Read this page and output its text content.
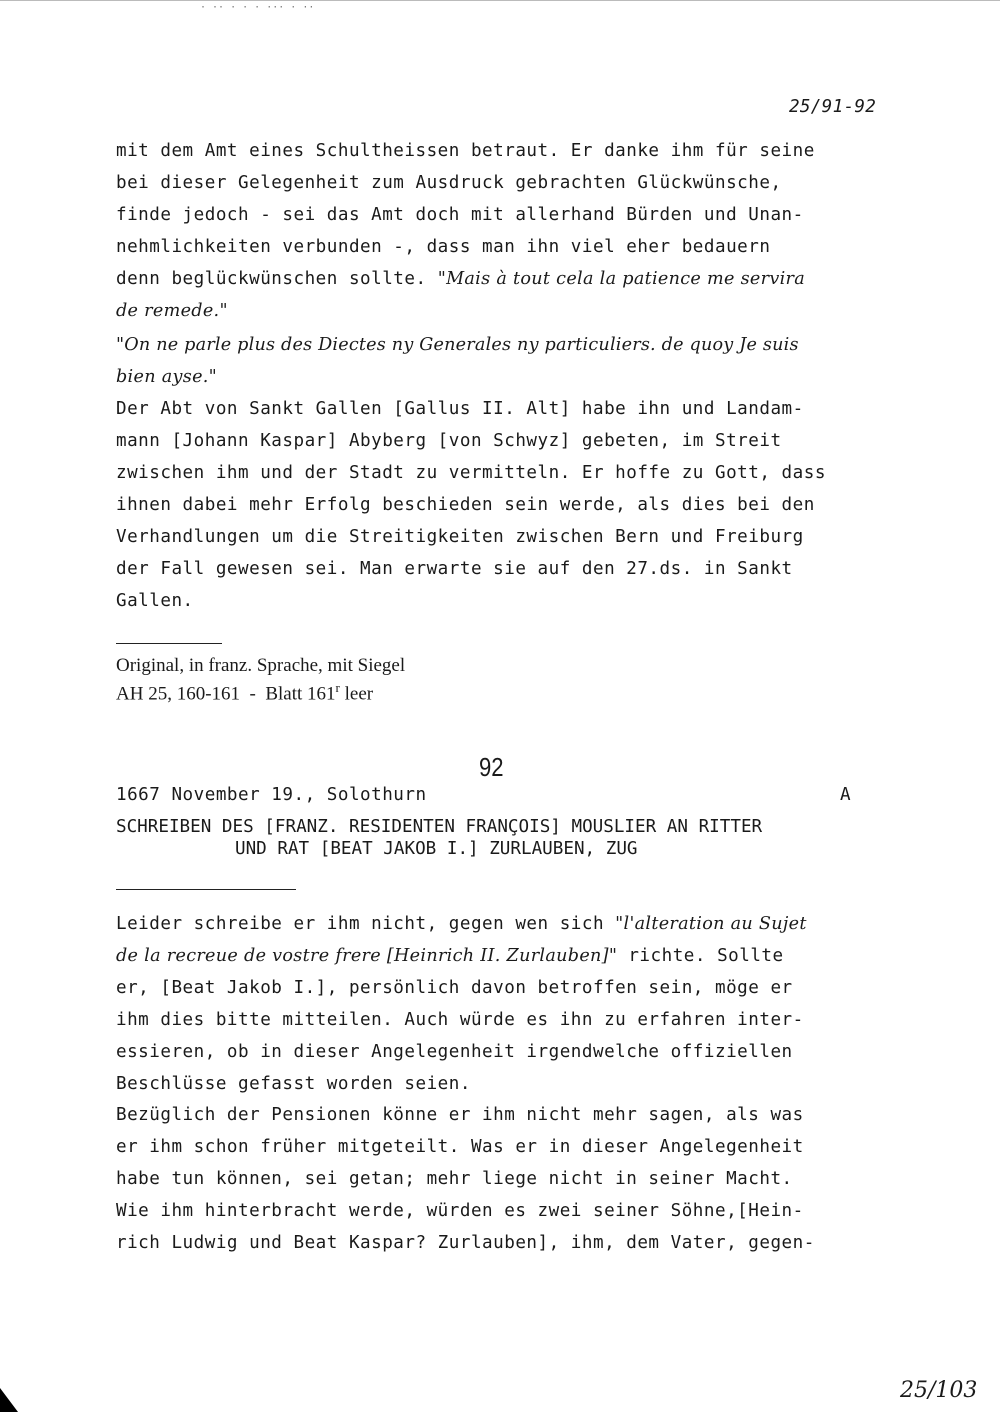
· ·· · · · ··· · ··
25/91-92
mit dem Amt eines Schultheissen betraut. Er danke ihm für seine
bei dieser Gelegenheit zum Ausdruck gebrachten Glückwünsche,
finde jedoch - sei das Amt doch mit allerhand Bürden und Unan-
nehmlichkeiten verbunden -, dass man ihn viel eher bedauern
denn beglückwünschen sollte. "Mais à tout cela la patience me servira
de remede."
"On ne parle plus des Diectes ny Generales ny particuliers. de quoy Je suis
bien ayse."
Der Abt von Sankt Gallen [Gallus II. Alt] habe ihn und Landam-
mann [Johann Kaspar] Abyberg [von Schwyz] gebeten, im Streit
zwischen ihm und der Stadt zu vermitteln. Er hoffe zu Gott, dass
ihnen dabei mehr Erfolg beschieden sein werde, als dies bei den
Verhandlungen um die Streitigkeiten zwischen Bern und Freiburg
der Fall gewesen sei. Man erwarte sie auf den 27.ds. in Sankt
Gallen.
Original, in franz. Sprache, mit Siegel
AH 25, 160-161  -  Blatt 161$^r$ leer
92
1667 November 19., Solothurn	A
SCHREIBEN DES [FRANZ. RESIDENTEN FRANÇOIS] MOUSLIER AN RITTER
UND RAT [BEAT JAKOB I.] ZURLAUBEN, ZUG
Leider schreibe er ihm nicht, gegen wen sich "l'alteration au Sujet
de la recreue de vostre frere [Heinrich II. Zurlauben]" richte. Sollte
er, [Beat Jakob I.], persönlich davon betroffen sein, möge er
ihm dies bitte mitteilen. Auch würde es ihn zu erfahren inter-
essieren, ob in dieser Angelegenheit irgendwelche offiziellen
Beschlüsse gefasst worden seien.
Bezüglich der Pensionen könne er ihm nicht mehr sagen, als was
er ihm schon früher mitgeteilt. Was er in dieser Angelegenheit
habe tun können, sei getan; mehr liege nicht in seiner Macht.
Wie ihm hinterbracht werde, würden es zwei seiner Söhne,[Hein-
rich Ludwig und Beat Kaspar? Zurlauben], ihm, dem Vater, gegen-
25/103
